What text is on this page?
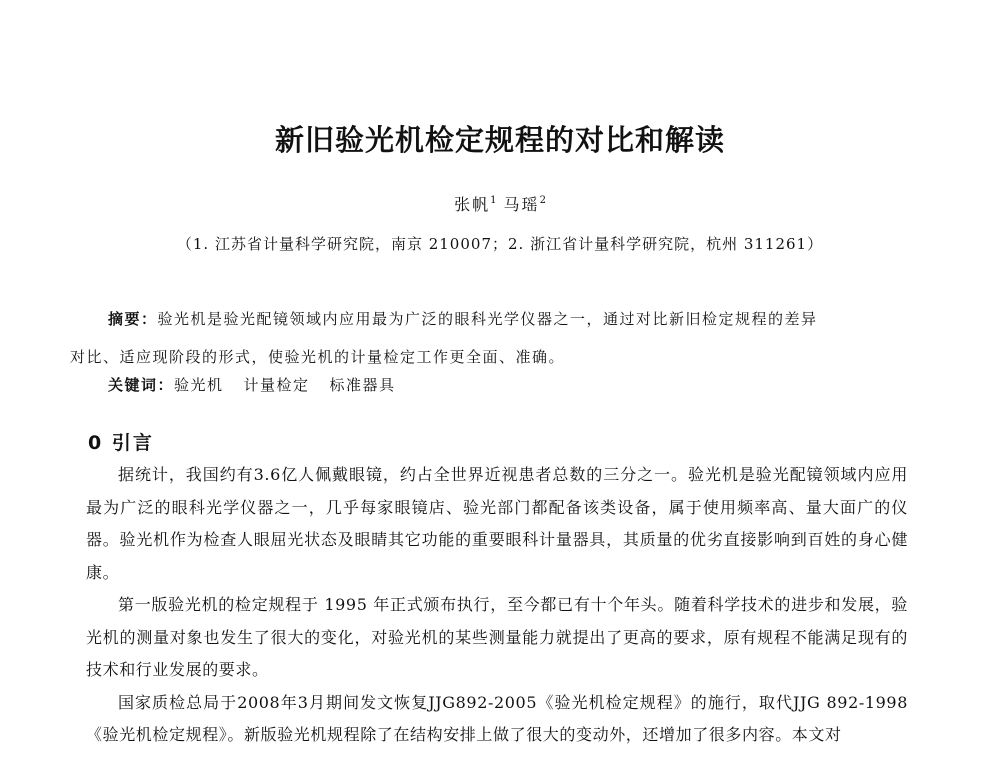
新旧验光机检定规程的对比和解读
张帆$^1$ 马瑶$^2$
（1. 江苏省计量科学研究院，南京 210007；2. 浙江省计量科学研究院，杭州 311261）
摘要：验光机是验光配镜领域内应用最为广泛的眼科光学仪器之一，通过对比新旧检定规程的差异
对比、适应现阶段的形式，使验光机的计量检定工作更全面、准确。
关键词：验光机 计量检定 标准器具
0 引言

据统计，我国约有3.6亿人佩戴眼镜，约占全世界近视患者总数的三分之一。验光机是验光配镜领域内应用最为广泛的眼科光学仪器之一，几乎每家眼镜店、验光部门都配备该类设备，属于使用频率高、量大面广的仪器。验光机作为检查人眼屈光状态及眼睛其它功能的重要眼科计量器具，其质量的优劣直接影响到百姓的身心健康。

第一版验光机的检定规程于 1995 年正式颁布执行，至今都已有十个年头。随着科学技术的进步和发展，验光机的测量对象也发生了很大的变化，对验光机的某些测量能力就提出了更高的要求，原有规程不能满足现有的技术和行业发展的要求。

国家质检总局于2008年3月期间发文恢复JJG892-2005《验光机检定规程》的施行，取代JJG 892-1998《验光机检定规程》。新版验光机规程除了在结构安排上做了很大的变动外，还增加了很多内容。本文对
